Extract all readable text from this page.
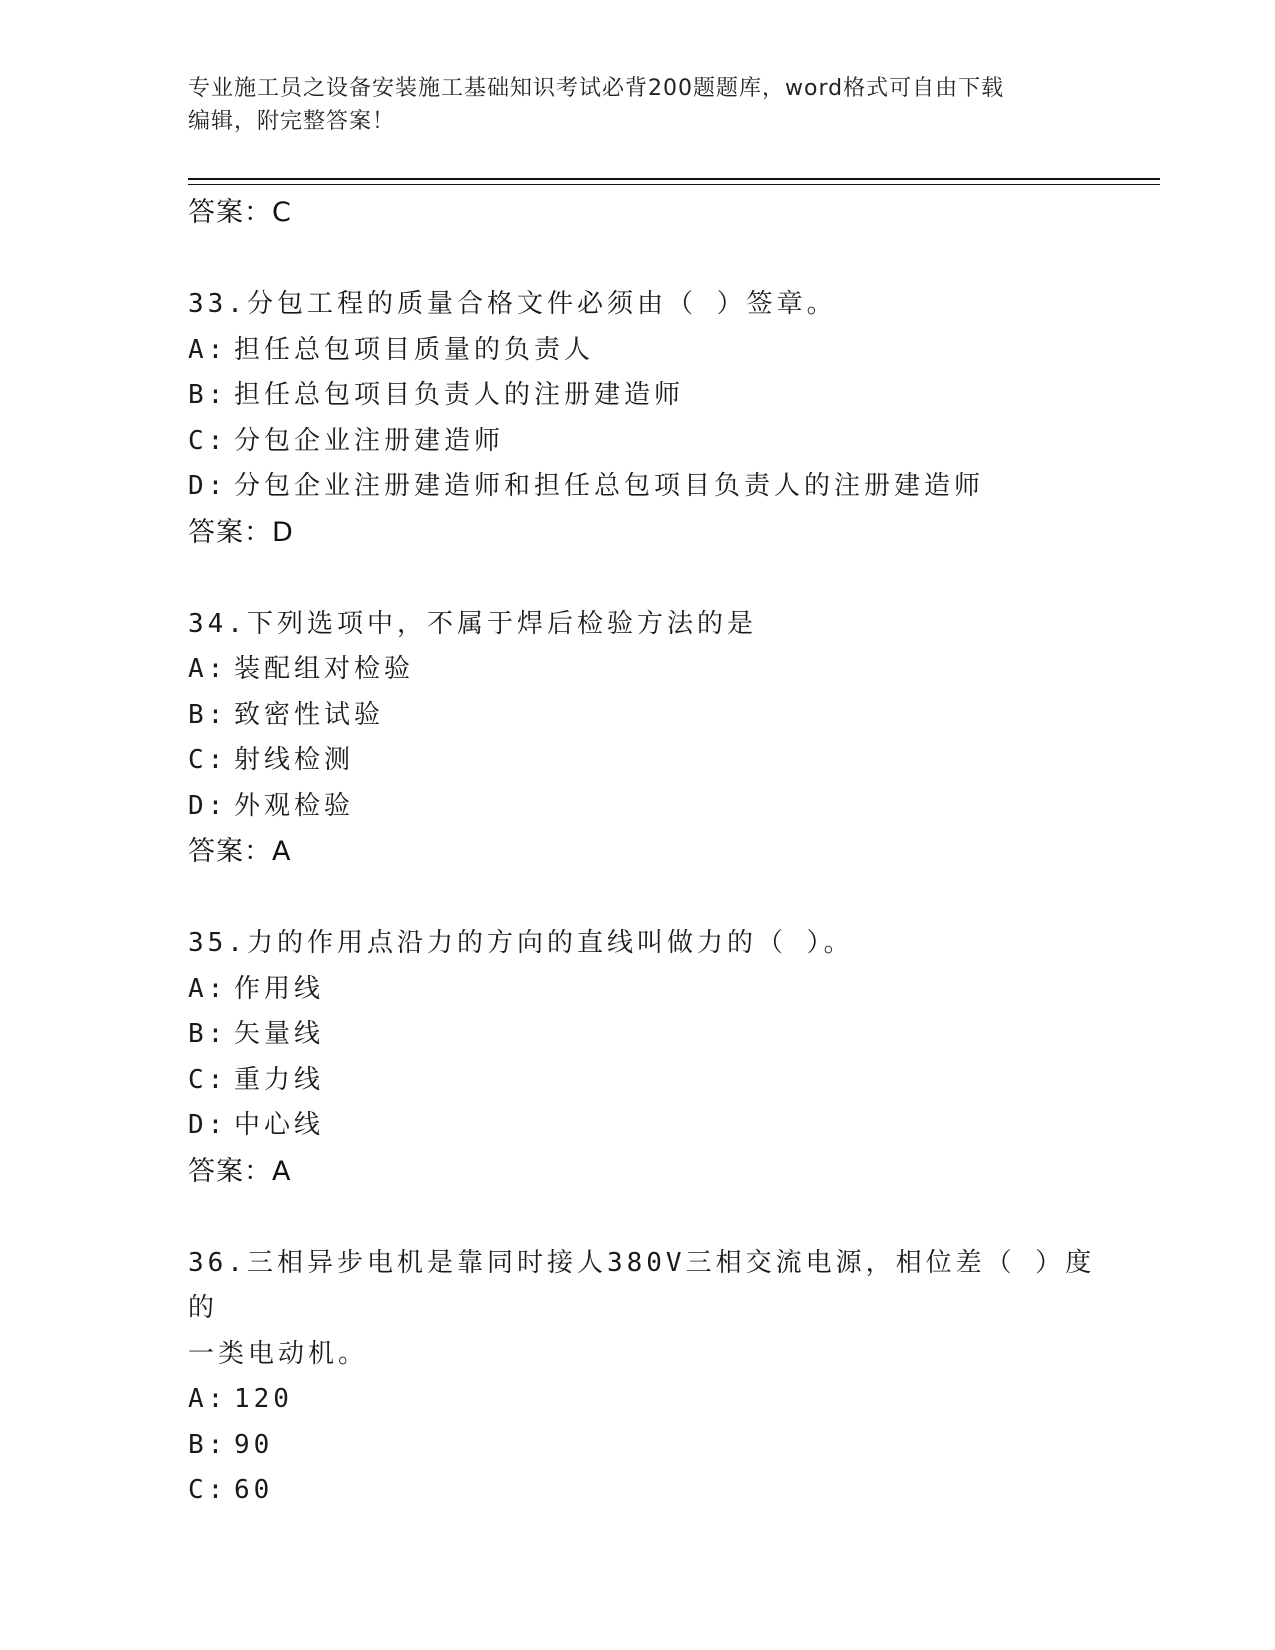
专业施工员之设备安装施工基础知识考试必背200题题库，word格式可自由下载
编辑，附完整答案！
答案：C
33.分包工程的质量合格文件必须由（ ）签章。
A: 担任总包项目质量的负责人
B: 担任总包项目负责人的注册建造师
C: 分包企业注册建造师
D: 分包企业注册建造师和担任总包项目负责人的注册建造师
答案：D
34.下列选项中，不属于焊后检验方法的是
A: 装配组对检验
B: 致密性试验
C: 射线检测
D: 外观检验
答案：A
35.力的作用点沿力的方向的直线叫做力的（ ）。
A: 作用线
B: 矢量线
C: 重力线
D: 中心线
答案：A
36.三相异步电机是靠同时接人380V三相交流电源，相位差（ ）度的
一类电动机。
A: 120
B: 90
C: 60
